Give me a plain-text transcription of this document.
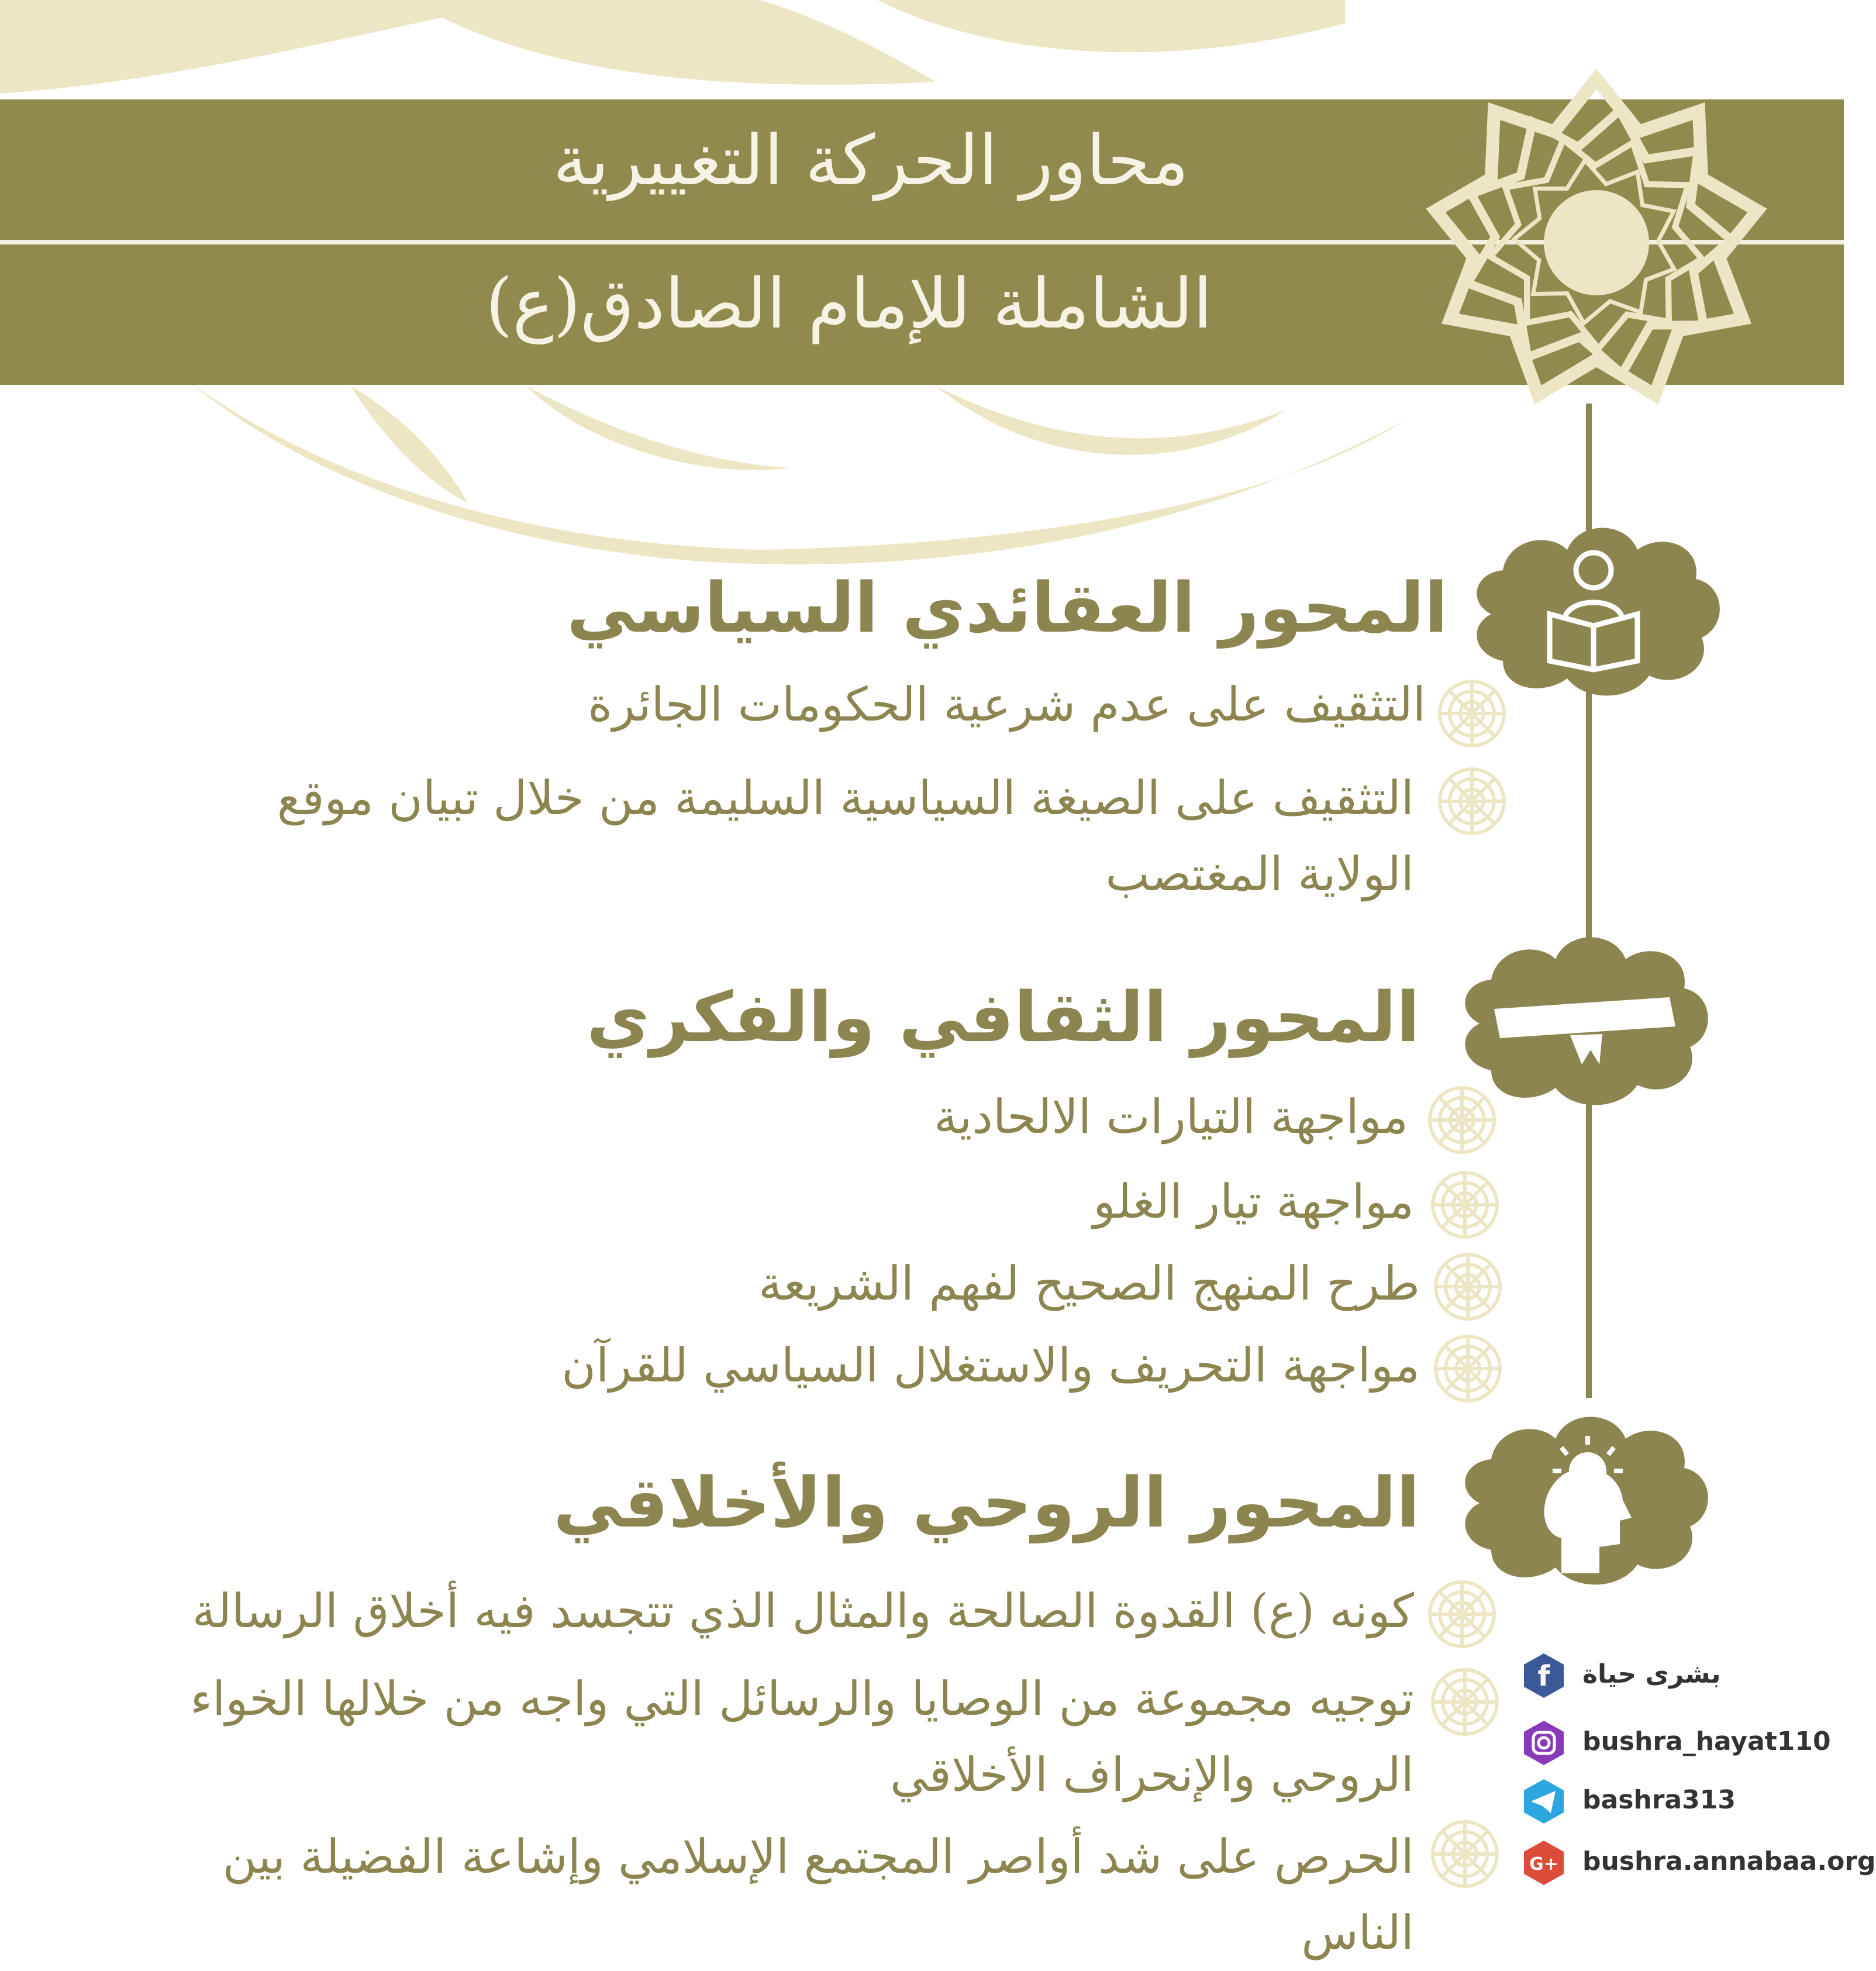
محاور الحركة التغييرية
الشاملة للإمام الصادق(ع)
المحور العقائدي السياسي
التثقيف على عدم شرعية الحكومات الجائرة
التثقيف على الصيغة السياسية السليمة من خلال تبيان موقع الولاية المغتصب
المحور الثقافي والفكري
مواجهة التيارات الالحادية
مواجهة تيار الغلو
طرح المنهج الصحيح لفهم الشريعة
مواجهة التحريف والاستغلال السياسي للقرآن
المحور الروحي والأخلاقي
كونه (ع) القدوة الصالحة والمثال الذي تتجسد فيه أخلاق الرسالة
توجيه مجموعة من الوصايا والرسائل التي واجه من خلالها الخواء الروحي والإنحراف الأخلاقي
الحرص على شد أواصر المجتمع الإسلامي وإشاعة الفضيلة بين الناس
f بشرى حياة
bushra_hayat110
bashra313
G+ bushra.annabaa.org
